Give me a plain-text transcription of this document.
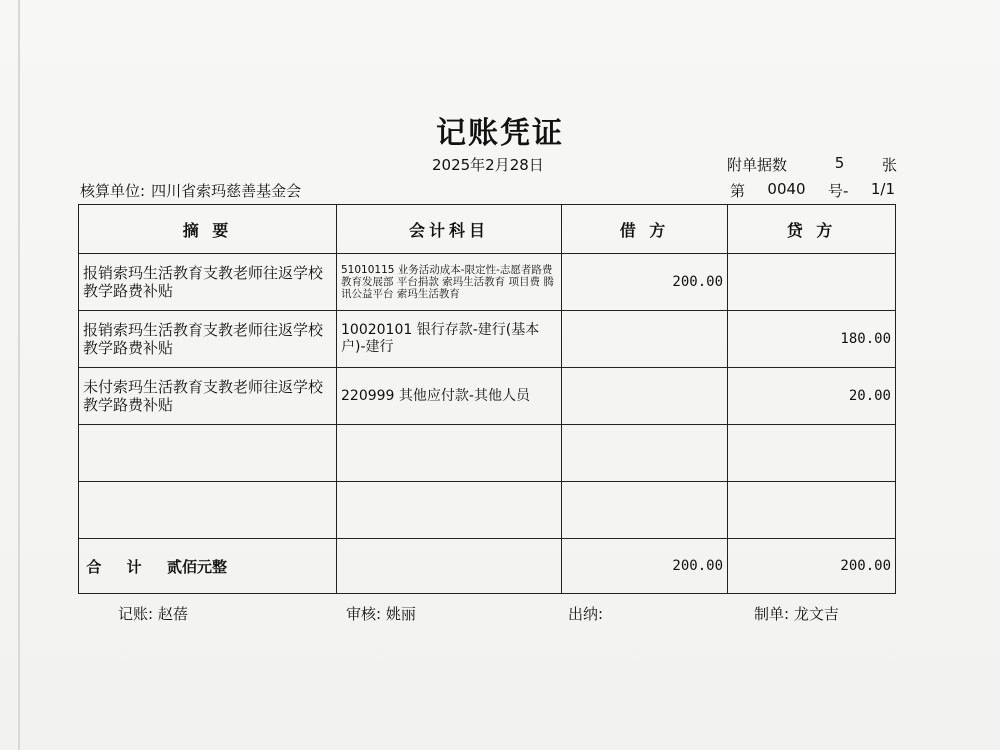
记账凭证
2025年2月28日	附单据数	5	张
核算单位: 四川省索玛慈善基金会	第 0040 号- 1/1
摘 要	会计科目	借 方	贷 方
报销索玛生活教育支教老师往返学校教学路费补贴	51010115 业务活动成本-限定性-志愿者路费 教育发展部 平台捐款 索玛生活教育 项目费 腾讯公益平台 索玛生活教育	200.00	
报销索玛生活教育支教老师往返学校教学路费补贴	10020101 银行存款-建行(基本户)-建行		180.00
未付索玛生活教育支教老师往返学校教学路费补贴	220999 其他应付款-其他人员		20.00

合 计 贰佰元整		200.00	200.00
记账: 赵蓓	审核: 姚丽	出纳:	制单: 龙文吉
